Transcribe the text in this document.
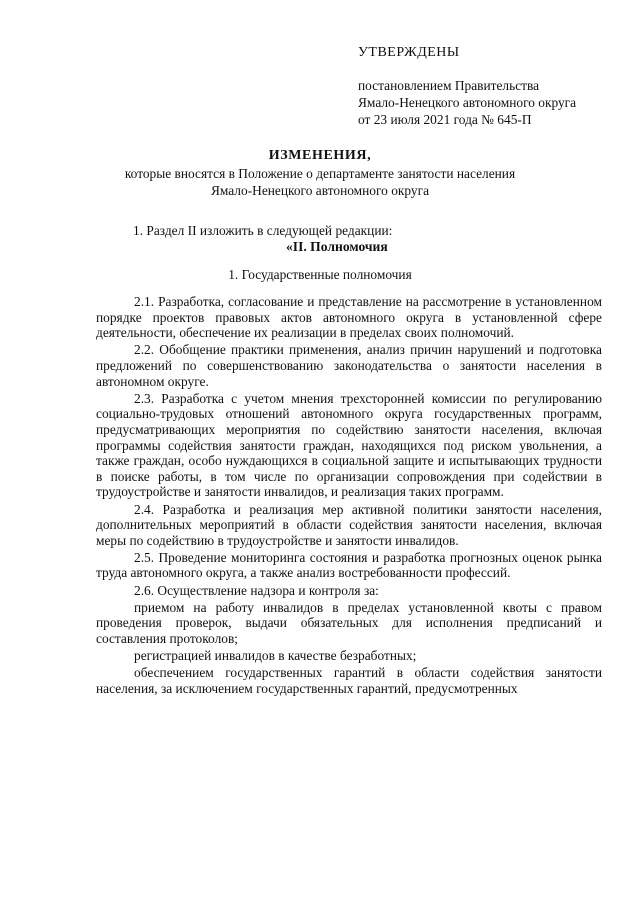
УТВЕРЖДЕНЫ
постановлением Правительства
Ямало-Ненецкого автономного округа
от 23 июля 2021 года № 645-П
ИЗМЕНЕНИЯ,
которые вносятся в Положение о департаменте занятости населения
Ямало-Ненецкого автономного округа
1. Раздел II изложить в следующей редакции:
«II. Полномочия
1. Государственные полномочия

2.1. Разработка, согласование и представление на рассмотрение в установленном порядке проектов правовых актов автономного округа в установленной сфере деятельности, обеспечение их реализации в пределах своих полномочий.

2.2. Обобщение практики применения, анализ причин нарушений и подготовка предложений по совершенствованию законодательства о занятости населения в автономном округе.

2.3. Разработка с учетом мнения трехсторонней комиссии по регулированию социально-трудовых отношений автономного округа государственных программ, предусматривающих мероприятия по содействию занятости населения, включая программы содействия занятости граждан, находящихся под риском увольнения, а также граждан, особо нуждающихся в социальной защите и испытывающих трудности в поиске работы, в том числе по организации сопровождения при содействии в трудоустройстве и занятости инвалидов, и реализация таких программ.

2.4. Разработка и реализация мер активной политики занятости населения, дополнительных мероприятий в области содействия занятости населения, включая меры по содействию в трудоустройстве и занятости инвалидов.

2.5. Проведение мониторинга состояния и разработка прогнозных оценок рынка труда автономного округа, а также анализ востребованности профессий.

2.6. Осуществление надзора и контроля за:

приемом на работу инвалидов в пределах установленной квоты с правом проведения проверок, выдачи обязательных для исполнения предписаний и составления протоколов;

регистрацией инвалидов в качестве безработных;

обеспечением государственных гарантий в области содействия занятости населения, за исключением государственных гарантий, предусмотренных
